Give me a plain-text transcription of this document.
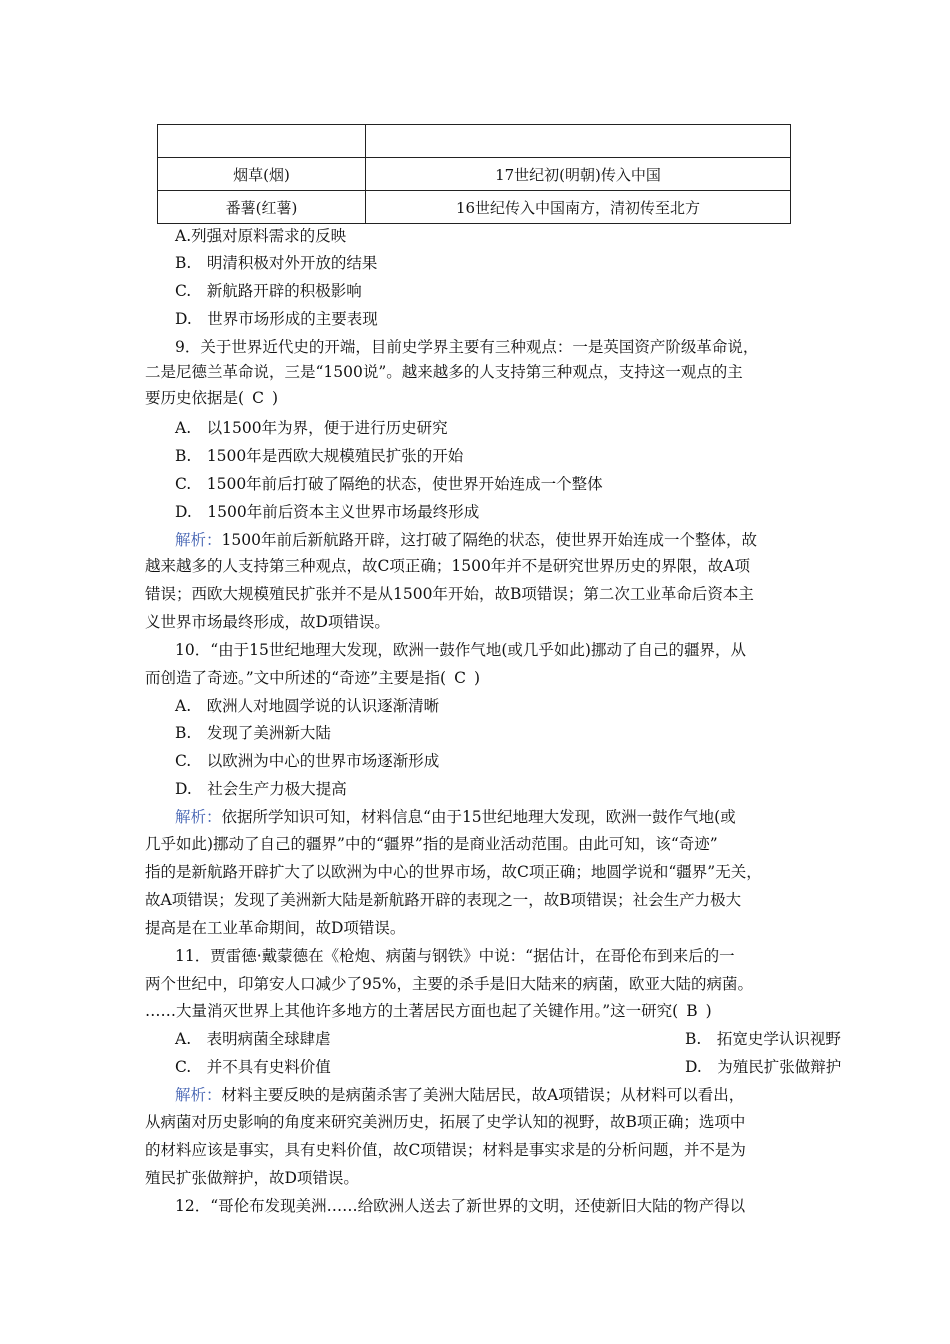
烟草(烟)	17世纪初(明朝)传入中国
番薯(红薯)	16世纪传入中国南方，清初传至北方
A.列强对原料需求的反映
B.　明清积极对外开放的结果
C.　新航路开辟的积极影响
D.　世界市场形成的主要表现
9．关于世界近代史的开端，目前史学界主要有三种观点：一是英国资产阶级革命说，
二是尼德兰革命说，三是“1500说”。越来越多的人支持第三种观点，支持这一观点的主
要历史依据是( C )
A.　以1500年为界，便于进行历史研究
B.　1500年是西欧大规模殖民扩张的开始
C.　1500年前后打破了隔绝的状态，使世界开始连成一个整体
D.　1500年前后资本主义世界市场最终形成
解析：1500年前后新航路开辟，这打破了隔绝的状态，使世界开始连成一个整体，故
越来越多的人支持第三种观点，故C项正确；1500年并不是研究世界历史的界限，故A项
错误；西欧大规模殖民扩张并不是从1500年开始，故B项错误；第二次工业革命后资本主
义世界市场最终形成，故D项错误。
10．“由于15世纪地理大发现，欧洲一鼓作气地(或几乎如此)挪动了自己的疆界，从
而创造了奇迹。”文中所述的“奇迹”主要是指( C )
A.　欧洲人对地圆学说的认识逐渐清晰
B.　发现了美洲新大陆
C.　以欧洲为中心的世界市场逐渐形成
D.　社会生产力极大提高
解析：依据所学知识可知，材料信息“由于15世纪地理大发现，欧洲一鼓作气地(或
几乎如此)挪动了自己的疆界”中的“疆界”指的是商业活动范围。由此可知，该“奇迹”
指的是新航路开辟扩大了以欧洲为中心的世界市场，故C项正确；地圆学说和“疆界”无关，
故A项错误；发现了美洲新大陆是新航路开辟的表现之一，故B项错误；社会生产力极大
提高是在工业革命期间，故D项错误。
11．贾雷德·戴蒙德在《枪炮、病菌与钢铁》中说：“据估计，在哥伦布到来后的一
两个世纪中，印第安人口减少了95%，主要的杀手是旧大陆来的病菌，欧亚大陆的病菌。
……大量消灭世界上其他许多地方的土著居民方面也起了关键作用。”这一研究( B )
A.　表明病菌全球肆虐	B.　拓宽史学认识视野
C.　并不具有史料价值	D.　为殖民扩张做辩护
解析：材料主要反映的是病菌杀害了美洲大陆居民，故A项错误；从材料可以看出，
从病菌对历史影响的角度来研究美洲历史，拓展了史学认知的视野，故B项正确；选项中
的材料应该是事实，具有史料价值，故C项错误；材料是事实求是的分析问题，并不是为
殖民扩张做辩护，故D项错误。
12．“哥伦布发现美洲……给欧洲人送去了新世界的文明，还使新旧大陆的物产得以
